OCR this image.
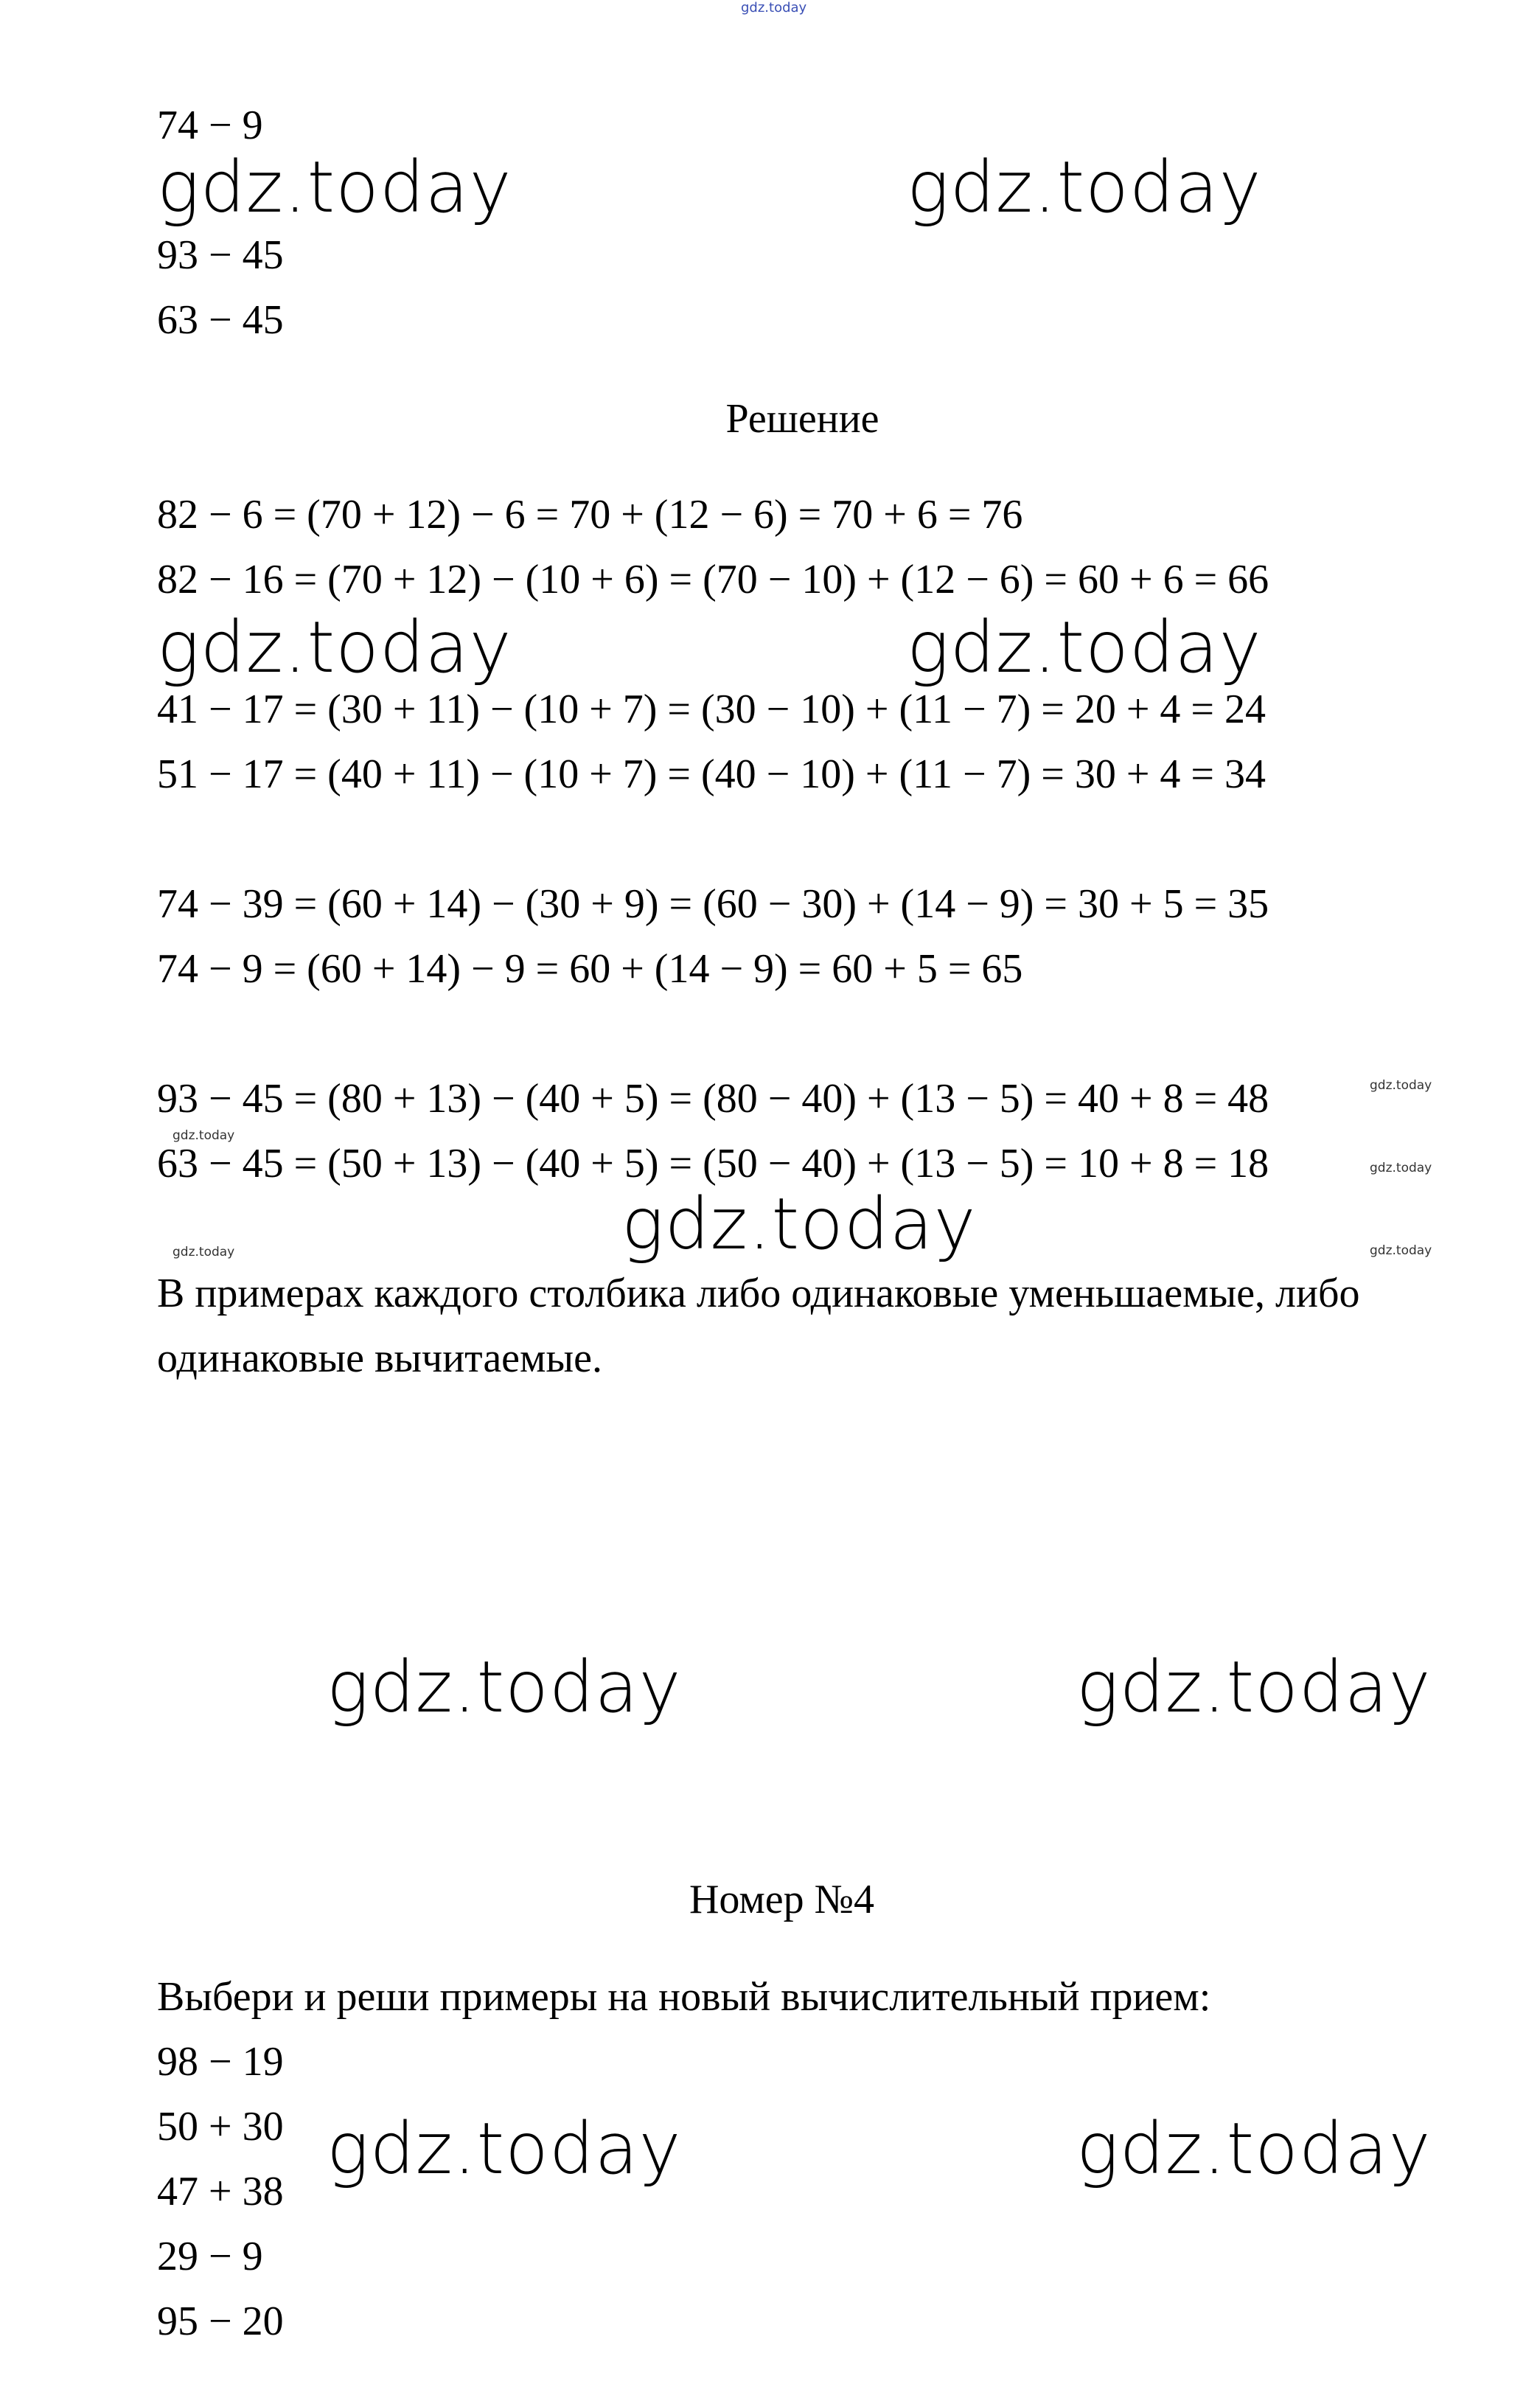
gdz.today
74 − 9
93 − 45
63 − 45
Решение
82 − 6 = (70 + 12) − 6 = 70 + (12 − 6) = 70 + 6 = 76
82 − 16 = (70 + 12) − (10 + 6) = (70 − 10) + (12 − 6) = 60 + 6 = 66
41 − 17 = (30 + 11) − (10 + 7) = (30 − 10) + (11 − 7) = 20 + 4 = 24
51 − 17 = (40 + 11) − (10 + 7) = (40 − 10) + (11 − 7) = 30 + 4 = 34
74 − 39 = (60 + 14) − (30 + 9) = (60 − 30) + (14 − 9) = 30 + 5 = 35
74 − 9 = (60 + 14) − 9 = 60 + (14 − 9) = 60 + 5 = 65
93 − 45 = (80 + 13) − (40 + 5) = (80 − 40) + (13 − 5) = 40 + 8 = 48
63 − 45 = (50 + 13) − (40 + 5) = (50 − 40) + (13 − 5) = 10 + 8 = 18
В примерах каждого столбика либо одинаковые уменьшаемые, либо
одинаковые вычитаемые.
Номер №4
Выбери и реши примеры на новый вычислительный прием:
98 − 19
50 + 30
47 + 38
29 − 9
95 − 20
gdz.today	gdz.today
gdz.today	gdz.today
gdz.today
gdz.today	gdz.today
gdz.today	gdz.today
gdz.today
gdz.today
gdz.today
gdz.today	gdz.today
